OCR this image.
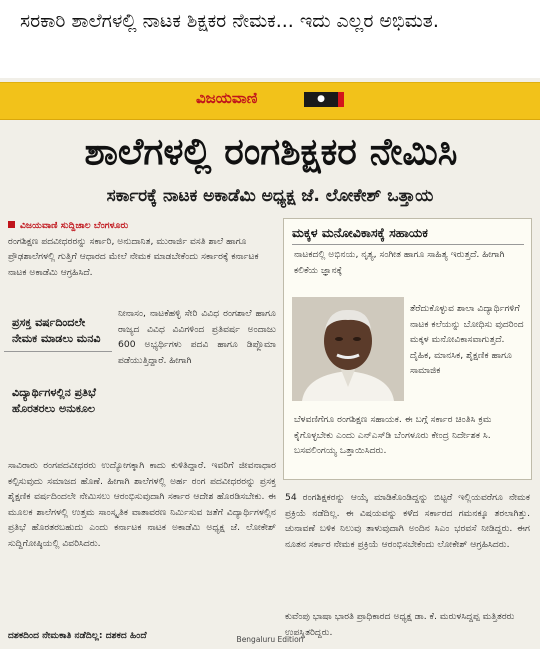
ಸರಕಾರಿ ಶಾಲೆಗಳಲ್ಲಿ ನಾಟಕ ಶಿಕ್ಷಕರ ನೇಮಕ... ಇದು ಎಲ್ಲರ ಅಭಿಮತ.
ವಿಜಯವಾಣಿ	●
ಶಾಲೆಗಳಲ್ಲಿ ರಂಗಶಿಕ್ಷಕರ ನೇಮಿಸಿ
ಸರ್ಕಾರಕ್ಕೆ ನಾಟಕ ಅಕಾಡೆಮಿ ಅಧ್ಯಕ್ಷ ಜೆ. ಲೋಕೇಶ್ ಒತ್ತಾಯ
ವಿಜಯವಾಣಿ ಸುದ್ದಿಜಾಲ ಬೆಂಗಳೂರು
ರಂಗಶಿಕ್ಷಣ ಪದವೀಧರರನ್ನು ಸರ್ಕಾರಿ, ಅನುದಾನಿತ, ಮುರಾರ್ಜಿ ವಸತಿ ಶಾಲೆ ಹಾಗೂ ಪ್ರೌಢಶಾಲೆಗಳಲ್ಲಿ ಗುತ್ತಿಗೆ ಆಧಾರದ ಮೇಲೆ ನೇಮಕ ಮಾಡಬೇಕೆಂದು ಸರ್ಕಾರಕ್ಕೆ ಕರ್ನಾಟಕ ನಾಟಕ ಅಕಾಡೆಮಿ ಆಗ್ರಹಿಸಿದೆ.
ಪ್ರಸಕ್ತ ವರ್ಷದಿಂದಲೇ ನೇಮಕ ಮಾಡಲು ಮನವಿ
ವಿದ್ಯಾರ್ಥಿಗಳಲ್ಲಿನ ಪ್ರತಿಭೆ ಹೊರತರಲು ಅನುಕೂಲ
ನೀನಾಸಂ, ನಾಟಕೆಹಳ್ಳಿ ಸೇರಿ ವಿವಿಧ ರಂಗಶಾಲೆ ಹಾಗೂ ರಾಜ್ಯದ ವಿವಿಧ ವಿವಿಗಳಿಂದ ಪ್ರತಿವರ್ಷ ಅಂದಾಜು 600 ಅಭ್ಯರ್ಥಿಗಳು ಪದವಿ ಹಾಗೂ ಡಿಪ್ಲೊಮಾ ಪಡೆಯುತ್ತಿದ್ದಾರೆ. ಹೀಗಾಗಿ
ಸಾವಿರಾರು ರಂಗಪದವೀಧರರು ಉದ್ಯೋಗಕ್ಕಾಗಿ ಕಾದು ಕುಳಿತಿದ್ದಾರೆ. ಇವರಿಗೆ ಜೀವನಾಧಾರ ಕಲ್ಪಿಸುವುದು ಸಮಾಜದ ಹೊಣೆ. ಹೀಗಾಗಿ ಶಾಲೆಗಳಲ್ಲಿ ಅರ್ಹ ರಂಗ ಪದವೀಧರರನ್ನು ಪ್ರಸಕ್ತ ಶೈಕ್ಷಣಿಕ ವರ್ಷದಿಂದಲೇ ನೇಮಿಸಲು ಆರಂಭಿಸುವುದಾಗಿ ಸರ್ಕಾರ ಆದೇಶ ಹೊರಡಿಸಬೇಕು. ಈ ಮೂಲಕ ಶಾಲೆಗಳಲ್ಲಿ ಉತ್ತಮ ಸಾಂಸ್ಕೃತಿಕ ವಾತಾವರಣ ನಿರ್ಮಿಸುವ ಜತೆಗೆ ವಿದ್ಯಾರ್ಥಿಗಳಲ್ಲಿನ ಪ್ರತಿಭೆ ಹೊರತರಬಹುದು ಎಂದು ಕರ್ನಾಟಕ ನಾಟಕ ಅಕಾಡೆಮಿ ಅಧ್ಯಕ್ಷ ಜೆ. ಲೋಕೇಶ್ ಸುದ್ದಿಗೋಷ್ಠಿಯಲ್ಲಿ ವಿವರಿಸಿದರು.
ದಶಕದಿಂದ ನೇಮಕಾತಿ ನಡೆದಿಲ್ಲ: ದಶಕದ ಹಿಂದೆ
ಮಕ್ಕಳ ಮನೋವಿಕಾಸಕ್ಕೆ ಸಹಾಯಕ
ನಾಟಕದಲ್ಲಿ ಅಭಿನಯ, ನೃತ್ಯ, ಸಂಗೀತ ಹಾಗೂ ಸಾಹಿತ್ಯ ಇರುತ್ತದೆ. ಹೀಗಾಗಿ ಕಲಿಕೆಯ ಜ್ಞಾನಕ್ಕೆ
ತೆರೆದುಕೊಳ್ಳುವ ಶಾಲಾ ವಿದ್ಯಾರ್ಥಿಗಳಿಗೆ ನಾಟಕ ಕಲೆಯನ್ನು ಬೋಧಿಸು ವುದರಿಂದ ಮಕ್ಕಳ ಮನೋವಿಕಾಸವಾಗುತ್ತದೆ. ದೈಹಿಕ, ಮಾನಸಿಕ, ಶೈಕ್ಷಣಿಕ ಹಾಗೂ ಸಾಮಾಜಿಕ
ಬೆಳವಣಿಗೆಗೂ ರಂಗಶಿಕ್ಷಣ ಸಹಾಯಕ. ಈ ಬಗ್ಗೆ ಸರ್ಕಾರ ಚಿಂತಿಸಿ ಕ್ರಮ ಕೈಗೊಳ್ಳಬೇಕು ಎಂದು ಎನ್‌ಎಸ್‌ಡಿ ಬೆಂಗಳೂರು ಕೇಂದ್ರ ನಿರ್ದೇಶಕ ಸಿ. ಬಸವಲಿಂಗಯ್ಯ ಒತ್ತಾಯಿಸಿದರು.
54 ರಂಗಶಿಕ್ಷಕರನ್ನು ಆಯ್ಕೆ ಮಾಡಿಕೊಂಡಿದ್ದನ್ನು ಬಿಟ್ಟರೆ ಇಲ್ಲಿಯವರೆಗೂ ನೇಮಕ ಪ್ರಕ್ರಿಯೆ ನಡೆದಿಲ್ಲ. ಈ ವಿಷಯವನ್ನು ಕಳೆದ ಸರ್ಕಾರದ ಗಮನಕ್ಕೂ ತರಲಾಗಿತ್ತು. ಚುನಾವಣೆ ಬಳಿಕ ನಿಲುವು ತಾಳುವುದಾಗಿ ಅಂದಿನ ಸಿಎಂ ಭರವಸೆ ನೀಡಿದ್ದರು. ಈಗ ನೂತನ ಸರ್ಕಾರ ನೇಮಕ ಪ್ರಕ್ರಿಯೆ ಆರಂಭಿಸಬೇಕೆಂದು ಲೋಕೇಶ್ ಆಗ್ರಹಿಸಿದರು.
ಕುವೆಂಪು ಭಾಷಾ ಭಾರತಿ ಪ್ರಾಧಿಕಾರದ ಅಧ್ಯಕ್ಷ ಡಾ. ಕೆ. ಮರುಳಸಿದ್ದಪ್ಪ ಮತ್ತಿತರರು ಉಪಸ್ಥಿತರಿದ್ದರು.
Bengaluru Edition
